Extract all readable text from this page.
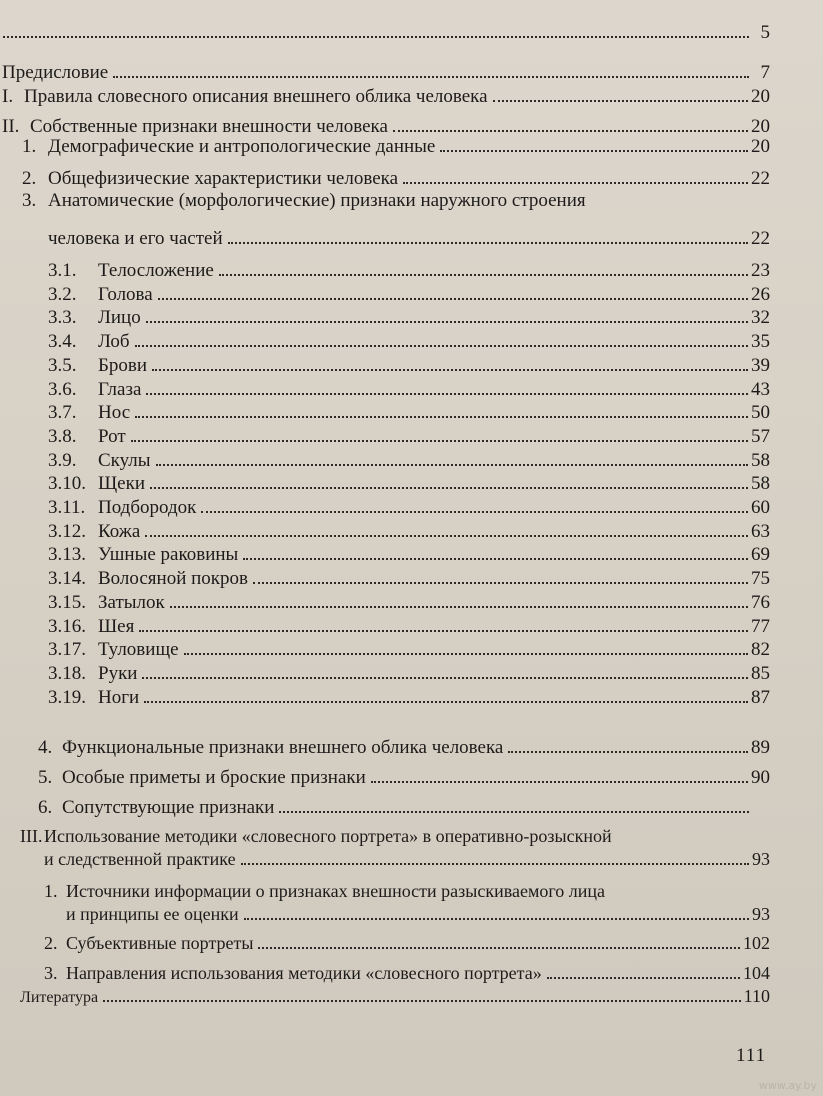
5
Предисловие	7
I. Правила словесного описания внешнего облика человека	20
II. Собственные признаки внешности человека	20
1. Демографические и антропологические данные	20
2. Общефизические характеристики человека	22
3. Анатомические (морфологические) признаки наружного строения
человека и его частей	22
3.1. Телосложение	23
3.2. Голова	26
3.3. Лицо	32
3.4. Лоб	35
3.5. Брови	39
3.6. Глаза	43
3.7. Нос	50
3.8. Рот	57
3.9. Скулы	58
3.10. Щеки	58
3.11. Подбородок	60
3.12. Кожа	63
3.13. Ушные раковины	69
3.14. Волосяной покров	75
3.15. Затылок	76
3.16. Шея	77
3.17. Туловище	82
3.18. Руки	85
3.19. Ноги	87
4. Функциональные признаки внешнего облика человека	89
5. Особые приметы и броские признаки	90
6. Сопутствующие признаки
III.Использование методики «словесного портрета» в оперативно-розыскной
и следственной практике	93
1. Источники информации о признаках внешности разыскиваемого лица
и принципы ее оценки	93
2. Субъективные портреты	102
3. Направления использования методики «словесного портрета»	104
Литература	110
111
www.ay.by
